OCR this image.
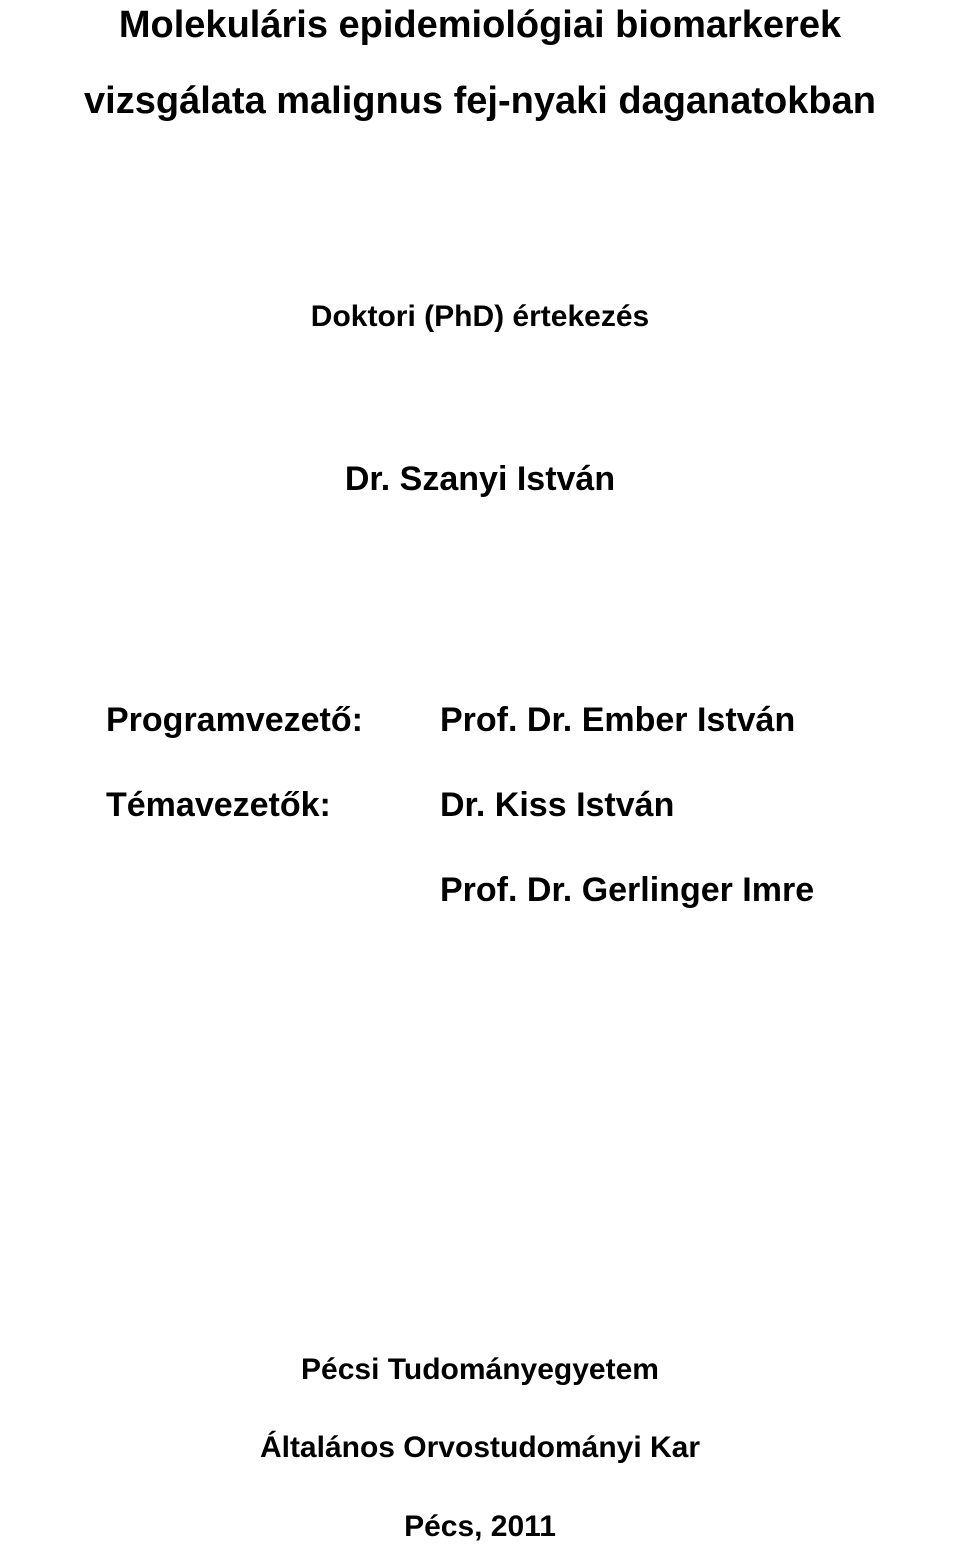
Molekuláris epidemiológiai biomarkerek
vizsgálata malignus fej-nyaki daganatokban
Doktori (PhD) értekezés
Dr. Szanyi István
Programvezető: Prof. Dr. Ember István
Témavezetők:	Dr. Kiss István
Prof. Dr. Gerlinger Imre
Pécsi Tudományegyetem
Általános Orvostudományi Kar
Pécs, 2011
